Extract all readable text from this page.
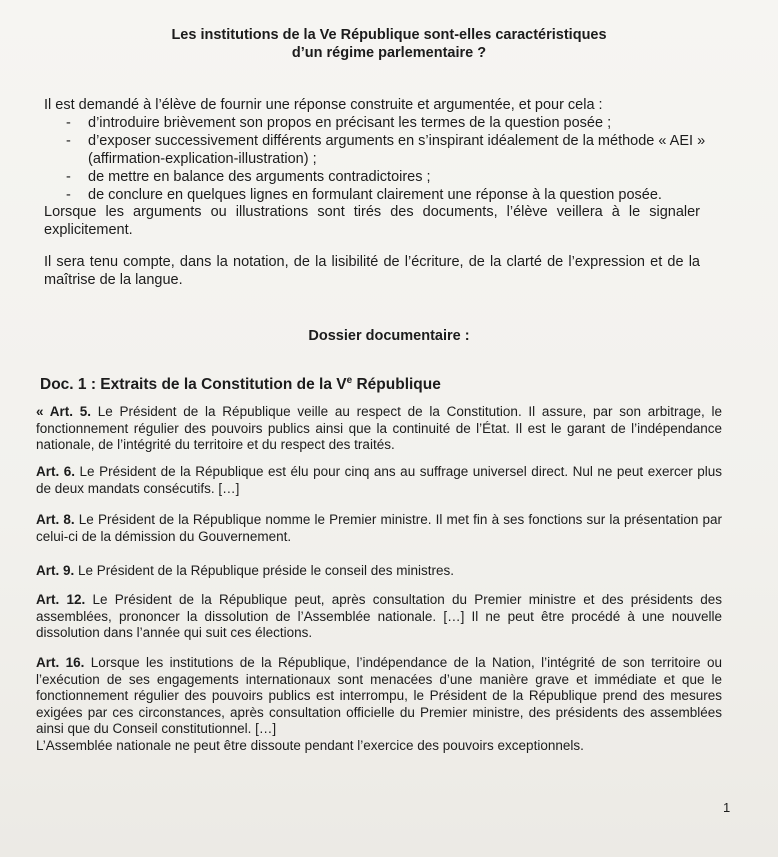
Les institutions de la Ve République sont-elles caractéristiques
d’un régime parlementaire ?
Il est demandé à l’élève de fournir une réponse construite et argumentée, et pour cela :
- d’introduire brièvement son propos en précisant les termes de la question posée ;
- d’exposer successivement différents arguments en s’inspirant idéalement de la méthode « AEI » (affirmation-explication-illustration) ;
- de mettre en balance des arguments contradictoires ;
- de conclure en quelques lignes en formulant clairement une réponse à la question posée.
Lorsque les arguments ou illustrations sont tirés des documents, l’élève veillera à le signaler explicitement.
Il sera tenu compte, dans la notation, de la lisibilité de l’écriture, de la clarté de l’expression et de la maîtrise de la langue.
Dossier documentaire :
Doc. 1 : Extraits de la Constitution de la Ve République
« Art. 5. Le Président de la République veille au respect de la Constitution. Il assure, par son arbitrage, le fonctionnement régulier des pouvoirs publics ainsi que la continuité de l’État. Il est le garant de l’indépendance nationale, de l’intégrité du territoire et du respect des traités.
Art. 6. Le Président de la République est élu pour cinq ans au suffrage universel direct. Nul ne peut exercer plus de deux mandats consécutifs. […]
Art. 8. Le Président de la République nomme le Premier ministre. Il met fin à ses fonctions sur la présentation par celui-ci de la démission du Gouvernement.
Art. 9. Le Président de la République préside le conseil des ministres.
Art. 12. Le Président de la République peut, après consultation du Premier ministre et des présidents des assemblées, prononcer la dissolution de l’Assemblée nationale. […] Il ne peut être procédé à une nouvelle dissolution dans l’année qui suit ces élections.
Art. 16. Lorsque les institutions de la République, l’indépendance de la Nation, l’intégrité de son territoire ou l’exécution de ses engagements internationaux sont menacées d’une manière grave et immédiate et que le fonctionnement régulier des pouvoirs publics est interrompu, le Président de la République prend des mesures exigées par ces circonstances, après consultation officielle du Premier ministre, des présidents des assemblées ainsi que du Conseil constitutionnel. […]
L’Assemblée nationale ne peut être dissoute pendant l’exercice des pouvoirs exceptionnels.
1
